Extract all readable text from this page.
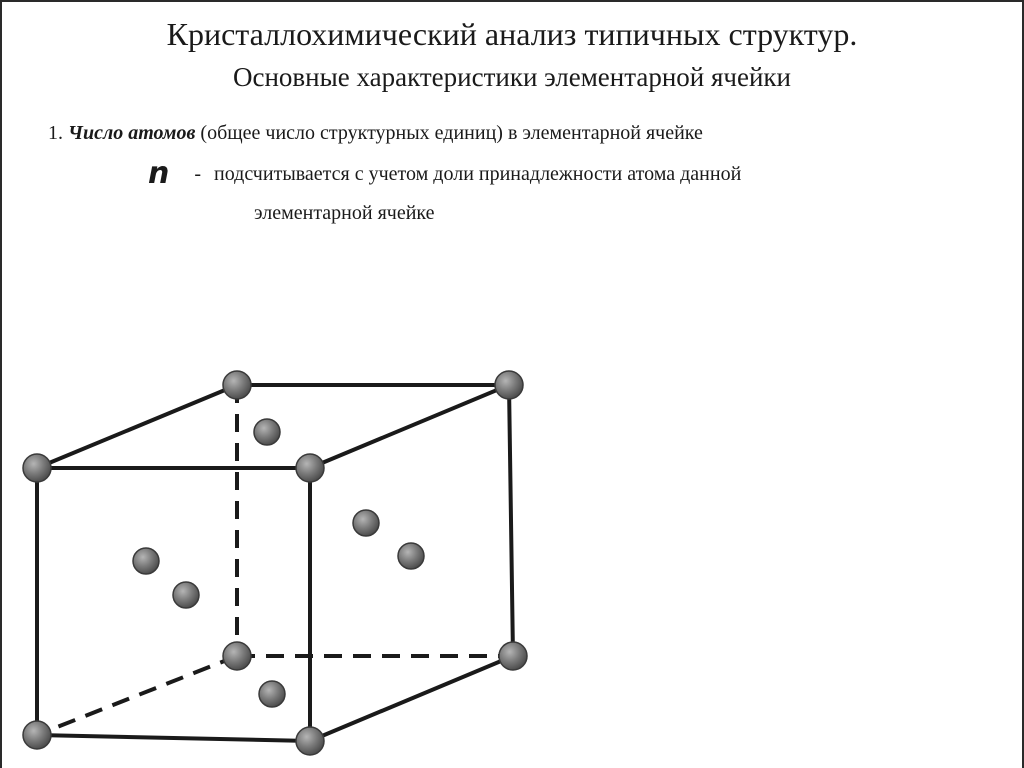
Кристаллохимический анализ типичных структур.
Основные характеристики элементарной ячейки
1. Число атомов (общее число структурных единиц) в элементарной ячейке
n - подсчитывается с учетом доли принадлежности атома данной
элементарной ячейке
